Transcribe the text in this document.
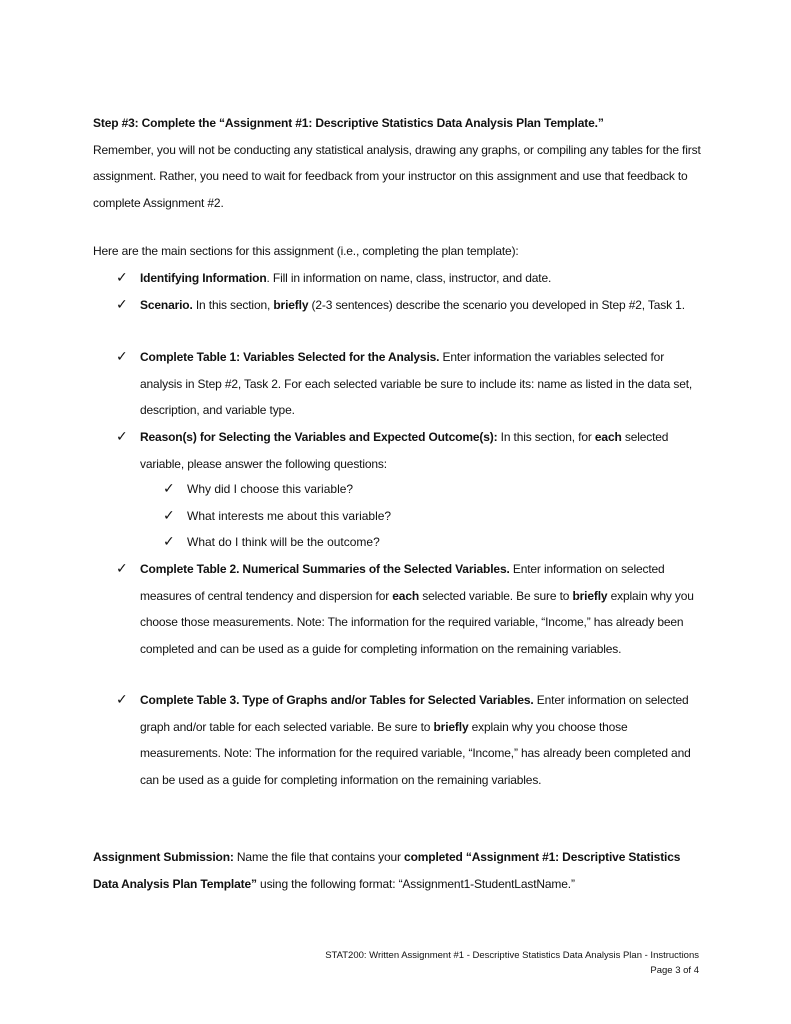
Step #3: Complete the “Assignment #1: Descriptive Statistics Data Analysis Plan Template.”
Remember, you will not be conducting any statistical analysis, drawing any graphs, or compiling any tables for the first assignment. Rather, you need to wait for feedback from your instructor on this assignment and use that feedback to complete Assignment #2.

Here are the main sections for this assignment (i.e., completing the plan template):

✓ Identifying Information. Fill in information on name, class, instructor, and date.

✓ Scenario. In this section, briefly (2-3 sentences) describe the scenario you developed in Step #2, Task 1.

✓ Complete Table 1: Variables Selected for the Analysis. Enter information the variables selected for analysis in Step #2, Task 2. For each selected variable be sure to include its: name as listed in the data set, description, and variable type.

✓ Reason(s) for Selecting the Variables and Expected Outcome(s): In this section, for each selected variable, please answer the following questions:

✓ Why did I choose this variable?

✓ What interests me about this variable?

✓ What do I think will be the outcome?

✓ Complete Table 2. Numerical Summaries of the Selected Variables. Enter information on selected measures of central tendency and dispersion for each selected variable. Be sure to briefly explain why you choose those measurements. Note: The information for the required variable, “Income,” has already been completed and can be used as a guide for completing information on the remaining variables.

✓ Complete Table 3. Type of Graphs and/or Tables for Selected Variables. Enter information on selected graph and/or table for each selected variable. Be sure to briefly explain why you choose those measurements. Note: The information for the required variable, “Income,” has already been completed and can be used as a guide for completing information on the remaining variables.

Assignment Submission: Name the file that contains your completed “Assignment #1: Descriptive Statistics Data Analysis Plan Template” using the following format: “Assignment1-StudentLastName.”

STAT200: Written Assignment #1 - Descriptive Statistics Data Analysis Plan - Instructions
Page 3 of 4
